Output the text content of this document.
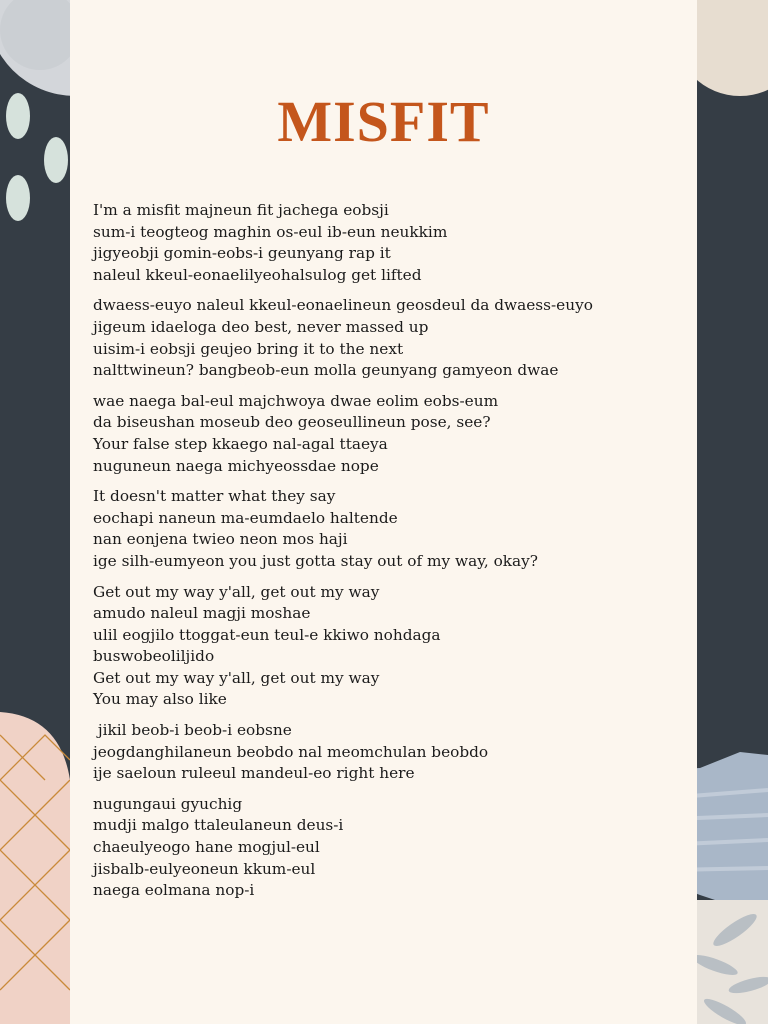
MISFIT
I'm a misfit majneun fit jachega eobsji
sum-i teogteog maghin os-eul ib-eun neukkim
jigyeobji gomin-eobs-i geunyang rap it
naleul kkeul-eonaelilyeohalsulog get lifted
dwaess-euyo naleul kkeul-eonaelineun geosdeul da dwaess-euyo
jigeum idaeloga deo best, never massed up
uisim-i eobsji geujeo bring it to the next
nalttwineun? bangbeob-eun molla geunyang gamyeon dwae
wae naega bal-eul majchwoya dwae eolim eobs-eum
da biseushan moseub deo geoseullineun pose, see?
Your false step kkaego nal-agal ttaeya
nuguneun naega michyeossdae nope
It doesn't matter what they say
eochapi naneun ma-eumdaelo haltende
nan eonjena twieo neon mos haji
ige silh-eumyeon you just gotta stay out of my way, okay?
Get out my way y'all, get out my way
amudo naleul magji moshae
ulil eogjilo ttoggat-eun teul-e kkiwo nohdaga
buswobeoliljido
Get out my way y'all, get out my way
You may also like
jikil beob-i beob-i eobsne
jeogdanghilaneun beobdo nal meomchulan beobdo
ije saeloun ruleeul mandeul-eo right here
nugungaui gyuchig
mudji malgo ttaleulaneun deus-i
chaeulyeogo hane mogjul-eul
jisbalb-eulyeoneun kkum-eul
naega eolmana nop-i
